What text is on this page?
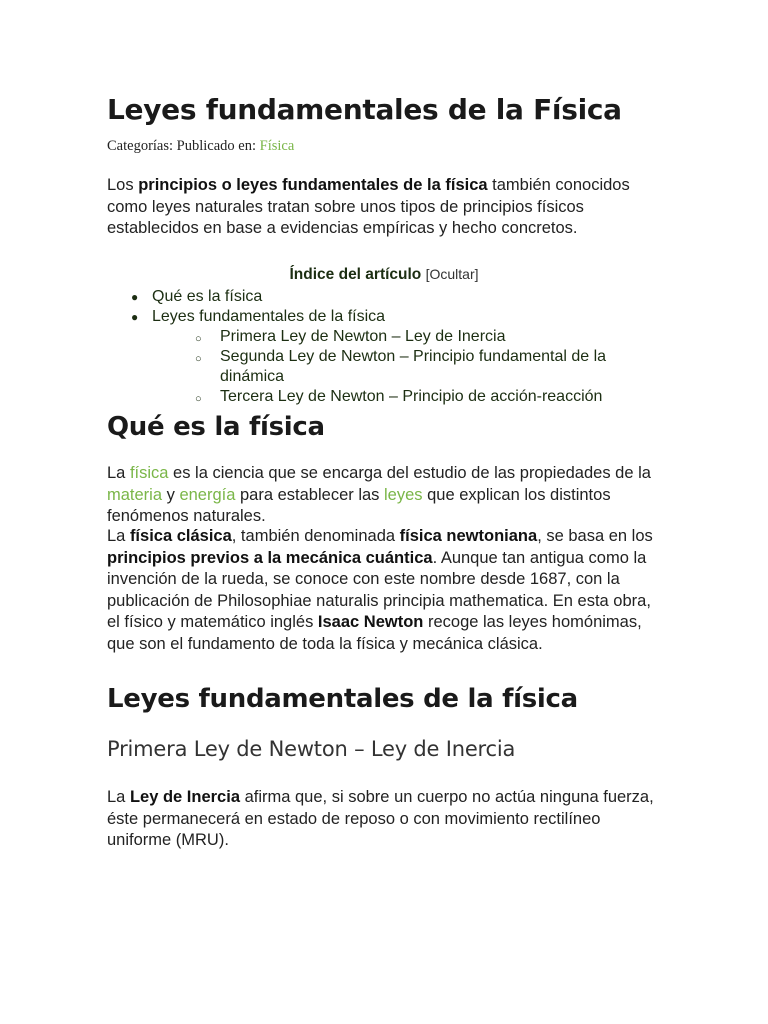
Leyes fundamentales de la Física
Categorías: Publicado en: Física
Los principios o leyes fundamentales de la física también conocidos como leyes naturales tratan sobre unos tipos de principios físicos establecidos en base a evidencias empíricas y hecho concretos.
Índice del artículo [Ocultar]
● Qué es la física
● Leyes fundamentales de la física
○ Primera Ley de Newton – Ley de Inercia
○ Segunda Ley de Newton – Principio fundamental de la dinámica
○ Tercera Ley de Newton – Principio de acción-reacción
Qué es la física
La física es la ciencia que se encarga del estudio de las propiedades de la materia y energía para establecer las leyes que explican los distintos fenómenos naturales.
La física clásica, también denominada física newtoniana, se basa en los principios previos a la mecánica cuántica. Aunque tan antigua como la invención de la rueda, se conoce con este nombre desde 1687, con la publicación de Philosophiae naturalis principia mathematica. En esta obra, el físico y matemático inglés Isaac Newton recoge las leyes homónimas, que son el fundamento de toda la física y mecánica clásica.
Leyes fundamentales de la física
Primera Ley de Newton – Ley de Inercia
La Ley de Inercia afirma que, si sobre un cuerpo no actúa ninguna fuerza, éste permanecerá en estado de reposo o con movimiento rectilíneo uniforme (MRU).
